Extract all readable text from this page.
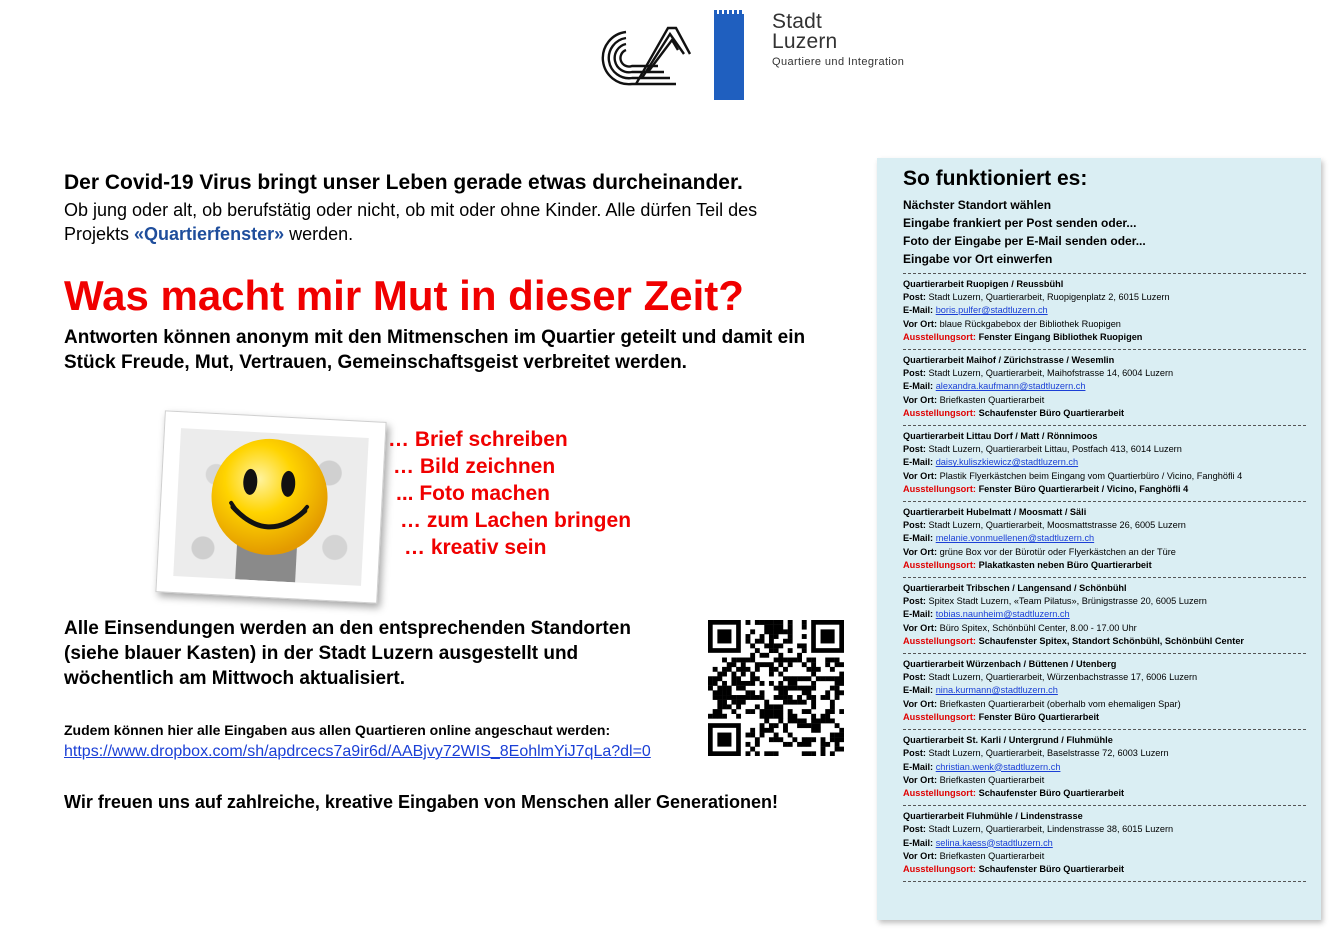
Stadt
Luzern
Quartiere und Integration
Der Covid-19 Virus bringt unser Leben gerade etwas durcheinander.
Ob jung oder alt, ob berufstätig oder nicht, ob mit oder ohne Kinder. Alle dürfen Teil des Projekts «Quartierfenster» werden.
Was macht mir Mut in dieser Zeit?
Antworten können anonym mit den Mitmenschen im Quartier geteilt und damit ein Stück Freude, Mut, Vertrauen, Gemeinschaftsgeist verbreitet werden.
… Brief schreiben
… Bild zeichnen
... Foto machen
… zum Lachen bringen
… kreativ sein
Alle Einsendungen werden an den entsprechenden Standorten (siehe blauer Kasten) in der Stadt Luzern ausgestellt und wöchentlich am Mittwoch aktualisiert.
Zudem können hier alle Eingaben aus allen Quartieren online angeschaut werden:
https://www.dropbox.com/sh/apdrcecs7a9ir6d/AABjvy72WIS_8EohlmYiJ7qLa?dl=0
Wir freuen uns auf zahlreiche, kreative Eingaben von Menschen aller Generationen!
So funktioniert es:
Nächster Standort wählen
Eingabe frankiert per Post senden oder...
Foto der Eingabe per E-Mail senden oder...
Eingabe vor Ort einwerfen
Quartierarbeit Ruopigen / Reussbühl
Post: Stadt Luzern, Quartierarbeit, Ruopigenplatz 2, 6015 Luzern
E-Mail: boris.pulfer@stadtluzern.ch
Vor Ort: blaue Rückgabebox der Bibliothek Ruopigen
Ausstellungsort: Fenster Eingang Bibliothek Ruopigen
Quartierarbeit Maihof / Zürichstrasse / Wesemlin
Post: Stadt Luzern, Quartierarbeit, Maihofstrasse 14, 6004 Luzern
E-Mail: alexandra.kaufmann@stadtluzern.ch
Vor Ort: Briefkasten Quartierarbeit
Ausstellungsort: Schaufenster Büro Quartierarbeit
Quartierarbeit Littau Dorf / Matt / Rönnimoos
Post: Stadt Luzern, Quartierarbeit Littau, Postfach 413, 6014 Luzern
E-Mail: daisy.kuliszkiewicz@stadtluzern.ch
Vor Ort: Plastik Flyerkästchen beim Eingang vom Quartierbüro / Vicino, Fanghöfli 4
Ausstellungsort: Fenster Büro Quartierarbeit / Vicino, Fanghöfli 4
Quartierarbeit Hubelmatt / Moosmatt / Säli
Post: Stadt Luzern, Quartierarbeit, Moosmattstrasse 26, 6005 Luzern
E-Mail: melanie.vonmuellenen@stadtluzern.ch
Vor Ort: grüne Box vor der Bürotür oder Flyerkästchen an der Türe
Ausstellungsort: Plakatkasten neben Büro Quartierarbeit
Quartierarbeit Tribschen / Langensand / Schönbühl
Post: Spitex Stadt Luzern, «Team Pilatus», Brünigstrasse 20, 6005 Luzern
E-Mail: tobias.naunheim@stadtluzern.ch
Vor Ort: Büro Spitex, Schönbühl Center, 8.00 - 17.00 Uhr
Ausstellungsort: Schaufenster Spitex, Standort Schönbühl, Schönbühl Center
Quartierarbeit Würzenbach / Büttenen / Utenberg
Post: Stadt Luzern, Quartierarbeit, Würzenbachstrasse 17, 6006 Luzern
E-Mail: nina.kurmann@stadtluzern.ch
Vor Ort: Briefkasten Quartierarbeit (oberhalb vom ehemaligen Spar)
Ausstellungsort: Fenster Büro Quartierarbeit
Quartierarbeit St. Karli / Untergrund / Fluhmühle
Post: Stadt Luzern, Quartierarbeit, Baselstrasse 72, 6003 Luzern
E-Mail: christian.wenk@stadtluzern.ch
Vor Ort: Briefkasten Quartierarbeit
Ausstellungsort: Schaufenster Büro Quartierarbeit
Quartierarbeit Fluhmühle / Lindenstrasse
Post: Stadt Luzern, Quartierarbeit, Lindenstrasse 38, 6015 Luzern
E-Mail: selina.kaess@stadtluzern.ch
Vor Ort: Briefkasten Quartierarbeit
Ausstellungsort: Schaufenster Büro Quartierarbeit
